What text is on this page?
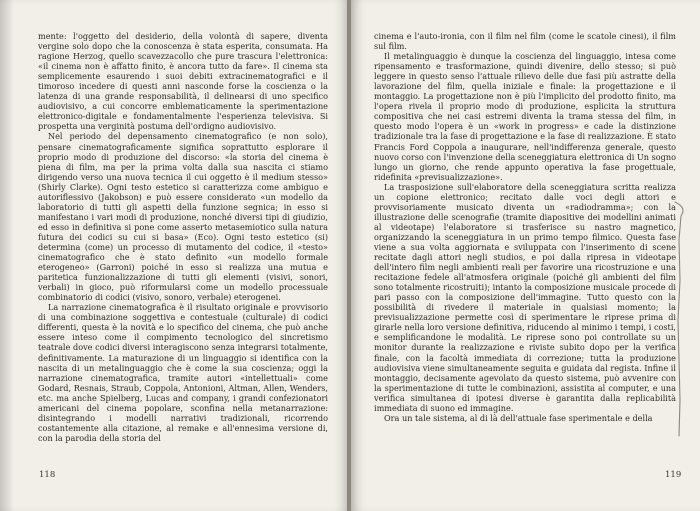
mente: l'oggetto del desiderio, della volontà di sapere, diventa vergine solo dopo che la conoscenza è stata esperita, consumata. Ha ragione Herzog, quello scavezzacollo che pure trascura l'elettronica: «il cinema non è affatto finito, è ancora tutto da fare». Il cinema sta semplicemente esaurendo i suoi debiti extracinematografici e il timoroso incedere di questi anni nasconde forse la coscienza o la latenza di una grande responsabilità, il delinearsi di uno specifico audiovisivo, a cui concorre emblematicamente la sperimentazione elettronico-digitale e fondamentalmente l'esperienza televisiva. Si prospetta una verginità postuma dell'ordigno audiovisivo.

Nel periodo del depensamento cinematografico (e non solo), pensare cinematograficamente significa soprattutto esplorare il proprio modo di produzione del discorso: «la storia del cinema è piena di film, ma per la prima volta dalla sua nascita ci stiamo dirigendo verso una nuova tecnica il cui oggetto è il medium stesso» (Shirly Clarke). Ogni testo estetico si caratterizza come ambiguo e autoriflessivo (Jakobson) e può essere considerato «un modello da laboratorio di tutti gli aspetti della funzione segnica; in esso si manifestano i vari modi di produzione, nonché diversi tipi di giudizio, ed esso in definitiva si pone come asserto metasemiotico sulla natura futura dei codici su cui si basa» (Eco). Ogni testo estetico (si) determina (come) un processo di mutamento del codice, il «testo» cinematografico che è stato definito «un modello formale eterogeneo» (Garroni) poiché in esso si realizza una mutua e paritetica funzionalizzazione di tutti gli elementi (visivi, sonori, verbali) in gioco, può riformularsi come un modello processuale combinatorio di codici (visivo, sonoro, verbale) eterogenei.

La narrazione cinematografica è il risultato originale e provvisorio di una combinazione soggettiva e contestuale (culturale) di codici differenti, questa è la novità e lo specifico del cinema, che può anche essere inteso come il compimento tecnologico del sincretismo teatrale dove codici diversi interagiscono senza integrarsi totalmente, definitivamente. La maturazione di un linguaggio si identifica con la nascita di un metalinguaggio che è come la sua coscienza; oggi la narrazione cinematografica, tramite autori «intellettuali» come Godard, Resnais, Straub, Coppola, Antonioni, Altman, Allen, Wenders, etc. ma anche Spielberg, Lucas and company, i grandi confezionatori americani del cinema popolare, sconfina nella metanarrazione: disintegrando i modelli narrativi tradizionali, ricorrendo costantemente alla citazione, al remake e all'ennesima versione di, con la parodia della storia del

118

cinema e l'auto-ironia, con il film nel film (come le scatole cinesi), il film sul film.

Il metalinguaggio è dunque la coscienza del linguaggio, intesa come ripensamento e trasformazione, quindi divenire, dello stesso; si può leggere in questo senso l'attuale rilievo delle due fasi più astratte della lavorazione del film, quella iniziale e finale: la progettazione e il montaggio. La progettazione non è più l'implicito del prodotto finito, ma l'opera rivela il proprio modo di produzione, esplicita la struttura compositiva che nei casi estremi diventa la trama stessa del film, in questo modo l'opera è un «work in progress» e cade la distinzione tradizionale tra la fase di progettazione e la fase di realizzazione. È stato Francis Ford Coppola a inaugurare, nell'indifferenza generale, questo nuovo corso con l'invenzione della sceneggiatura elettronica di Un sogno lungo un giorno, che rende appunto operativa la fase progettuale, ridefinita «previsualizzazione».

La trasposizione sull'elaboratore della sceneggiatura scritta realizza un copione elettronico; recitato dalle voci degli attori e provvisoriamente musicato diventa un «radiodramma»; con la illustrazione delle scenografie (tramite diapositive dei modellini animati al videotape) l'elaboratore si trasferisce su nastro magnetico, organizzando la sceneggiatura in un primo tempo filmico. Questa fase viene a sua volta aggiornata e sviluppata con l'inserimento di scene recitate dagli attori negli studios, e poi dalla ripresa in videotape dell'intero film negli ambienti reali per favorire una ricostruzione e una recitazione fedele all'atmosfera originale (poiché gli ambienti del film sono totalmente ricostruiti); intanto la composizione musicale procede di pari passo con la composizione dell'immagine. Tutto questo con la possibilità di rivedere il materiale in qualsiasi momento; la previsualizzazione permette così di sperimentare le riprese prima di girarle nella loro versione definitiva, riducendo al minimo i tempi, i costi, e semplificandone le modalità. Le riprese sono poi controllate su un monitor durante la realizzazione e riviste subito dopo per la verifica finale, con la facoltà immediata di correzione; tutta la produzione audiovisiva viene simultaneamente seguita e guidata dal regista. Infine il montaggio, decisamente agevolato da questo sistema, può avvenire con la sperimentazione di tutte le combinazioni, assistita al computer, e una verifica simultanea di ipotesi diverse è garantita dalla replicabilità immediata di suono ed immagine.

Ora un tale sistema, al di là dell'attuale fase sperimentale e della

119
